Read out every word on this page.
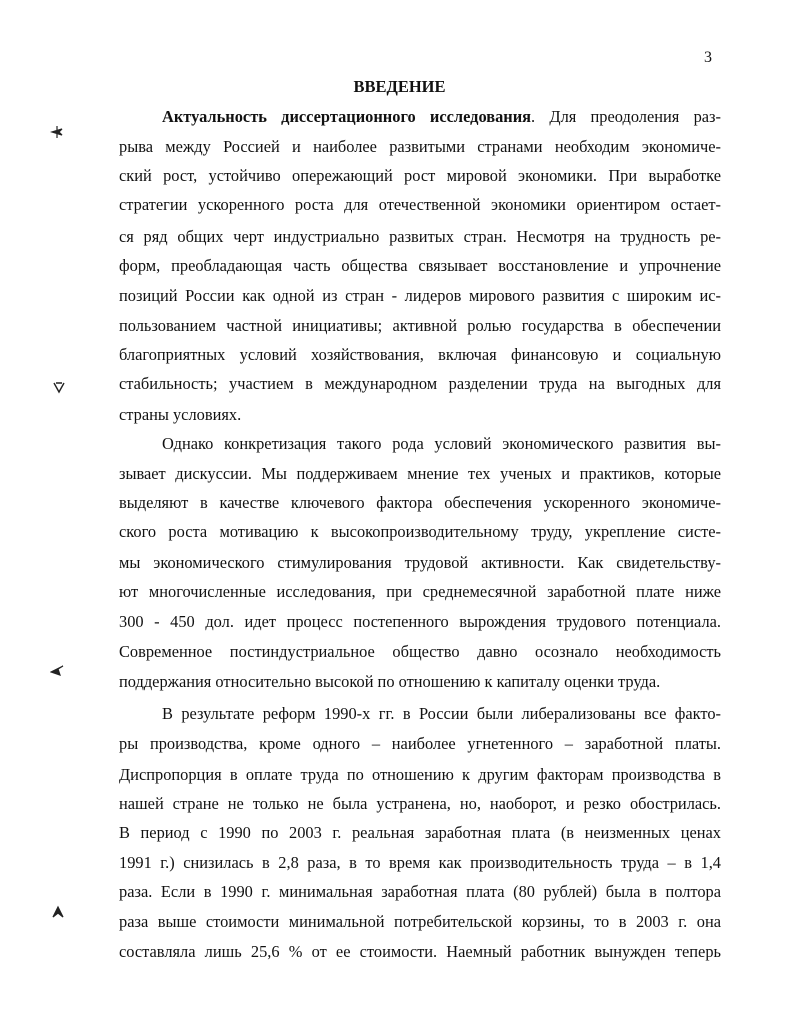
3
ВВЕДЕНИЕ
Актуальность диссертационного исследования. Для преодоления раз-
рыва между Россией и наиболее развитыми странами необходим экономиче-
ский рост, устойчиво опережающий рост мировой экономики. При выработке
стратегии ускоренного роста для отечественной экономики ориентиром остает-
ся ряд общих черт индустриально развитых стран. Несмотря на трудность ре-
форм, преобладающая часть общества связывает восстановление и упрочнение
позиций России как одной из стран - лидеров мирового развития с широким ис-
пользованием частной инициативы; активной ролью государства в обеспечении
благоприятных условий хозяйствования, включая финансовую и социальную
стабильность; участием в международном разделении труда на выгодных для
страны условиях.
Однако конкретизация такого рода условий экономического развития вы-
зывает дискуссии. Мы поддерживаем мнение тех ученых и практиков, которые
выделяют в качестве ключевого фактора обеспечения ускоренного экономиче-
ского роста мотивацию к высокопроизводительному труду, укрепление систе-
мы экономического стимулирования трудовой активности. Как свидетельству-
ют многочисленные исследования, при среднемесячной заработной плате ниже
300 - 450 дол. идет процесс постепенного вырождения трудового потенциала.
Современное постиндустриальное общество давно осознало необходимость
поддержания относительно высокой по отношению к капиталу оценки труда.
В результате реформ 1990-х гг. в России были либерализованы все факто-
ры производства, кроме одного – наиболее угнетенного – заработной платы.
Диспропорция в оплате труда по отношению к другим факторам производства в
нашей стране не только не была устранена, но, наоборот, и резко обострилась.
В период с 1990 по 2003 г. реальная заработная плата (в неизменных ценах
1991 г.) снизилась в 2,8 раза, в то время как производительность труда – в 1,4
раза. Если в 1990 г. минимальная заработная плата (80 рублей) была в полтора
раза выше стоимости минимальной потребительской корзины, то в 2003 г. она
составляла лишь 25,6 % от ее стоимости. Наемный работник вынужден теперь
